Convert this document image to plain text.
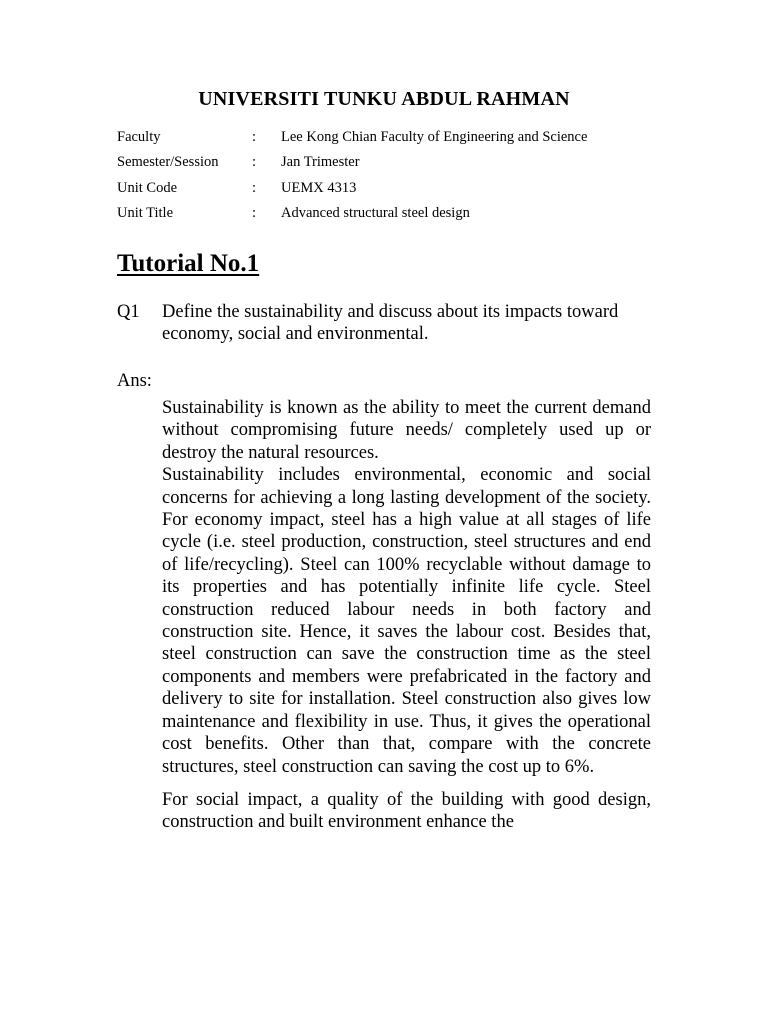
UNIVERSITI TUNKU ABDUL RAHMAN
Faculty	: Lee Kong Chian Faculty of Engineering and Science
Semester/Session : Jan Trimester
Unit Code	: UEMX 4313
Unit Title	: Advanced structural steel design
Tutorial No.1
Q1 Define the sustainability and discuss about its impacts toward economy, social and environmental.

Ans:

Sustainability is known as the ability to meet the current demand without compromising future needs/ completely used up or destroy the natural resources.

Sustainability includes environmental, economic and social concerns for achieving a long lasting development of the society. For economy impact, steel has a high value at all stages of life cycle (i.e. steel production, construction, steel structures and end of life/recycling). Steel can 100% recyclable without damage to its properties and has potentially infinite life cycle. Steel construction reduced labour needs in both factory and construction site. Hence, it saves the labour cost. Besides that, steel construction can save the construction time as the steel components and members were prefabricated in the factory and delivery to site for installation. Steel construction also gives low maintenance and flexibility in use. Thus, it gives the operational cost benefits. Other than that, compare with the concrete structures, steel construction can saving the cost up to 6%.

For social impact, a quality of the building with good design, construction and built environment enhance the
